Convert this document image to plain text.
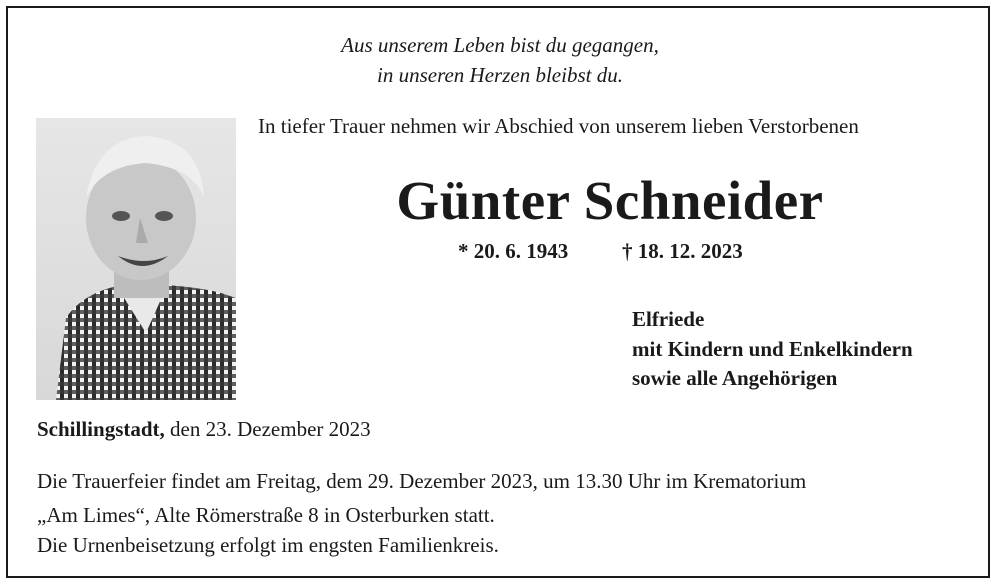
Aus unserem Leben bist du gegangen,
in unseren Herzen bleibst du.
In tiefer Trauer nehmen wir Abschied von unserem lieben Verstorbenen
Günter Schneider
* 20. 6. 1943	† 18. 12. 2023
Elfriede
mit Kindern und Enkelkindern
sowie alle Angehörigen
Schillingstadt, den 23. Dezember 2023
Die Trauerfeier findet am Freitag, dem 29. Dezember 2023, um 13.30 Uhr im Krematorium
„Am Limes“, Alte Römerstraße 8 in Osterburken statt.
Die Urnenbeisetzung erfolgt im engsten Familienkreis.
